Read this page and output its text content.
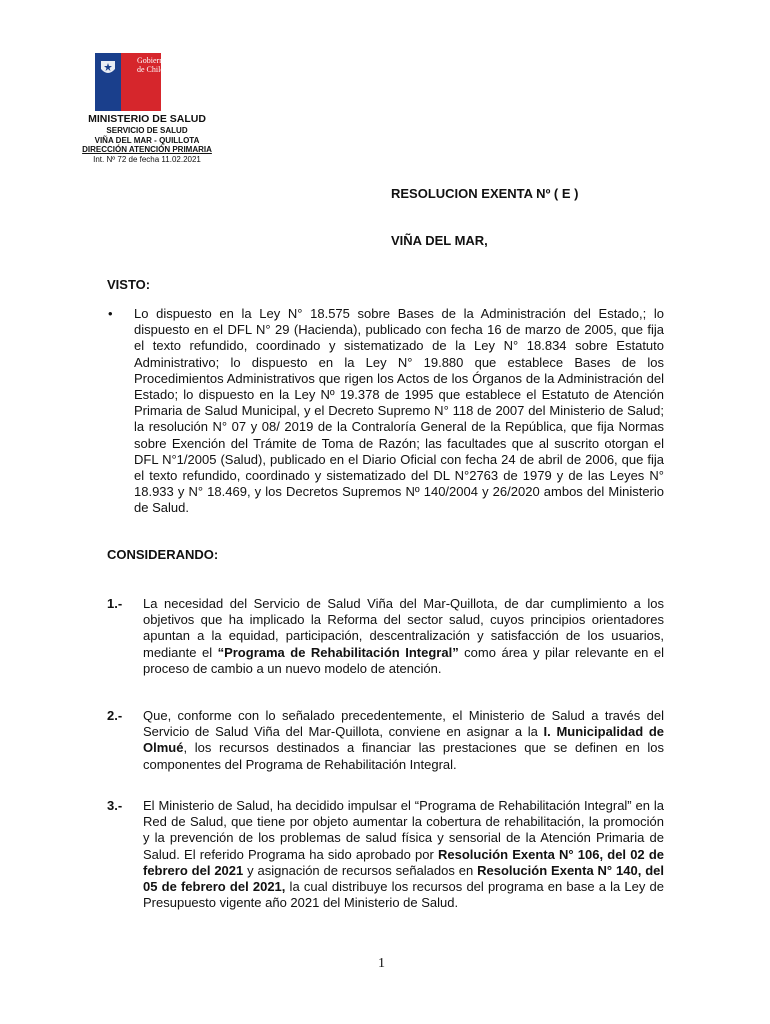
Gobierno
de Chile
MINISTERIO DE SALUD
SERVICIO DE SALUD
VIÑA DEL MAR - QUILLOTA
DIRECCIÓN ATENCIÓN PRIMARIA
Int. Nº 72 de fecha 11.02.2021
RESOLUCION EXENTA Nº ( E )
VIÑA DEL MAR,
VISTO:
• Lo dispuesto en la Ley N° 18.575 sobre Bases de la Administración del Estado,; lo dispuesto en el DFL N° 29 (Hacienda), publicado con fecha 16 de marzo de 2005, que fija el texto refundido, coordinado y sistematizado de la Ley N° 18.834 sobre Estatuto Administrativo; lo dispuesto en la Ley N° 19.880 que establece Bases de los Procedimientos Administrativos que rigen los Actos de los Órganos de la Administración del Estado; lo dispuesto en la Ley Nº 19.378 de 1995 que establece el Estatuto de Atención Primaria de Salud Municipal, y el Decreto Supremo N° 118 de 2007 del Ministerio de Salud; la resolución N° 07 y 08/ 2019 de la Contraloría General de la República, que fija Normas sobre Exención del Trámite de Toma de Razón; las facultades que al suscrito otorgan el DFL N°1/2005 (Salud), publicado en el Diario Oficial con fecha 24 de abril de 2006, que fija el texto refundido, coordinado y sistematizado del DL N°2763 de 1979 y de las Leyes N° 18.933 y N° 18.469, y los Decretos Supremos Nº 140/2004 y 26/2020 ambos del Ministerio de Salud.
CONSIDERANDO:
1.- La necesidad del Servicio de Salud Viña del Mar-Quillota, de dar cumplimiento a los objetivos que ha implicado la Reforma del sector salud, cuyos principios orientadores apuntan a la equidad, participación, descentralización y satisfacción de los usuarios, mediante el “Programa de Rehabilitación Integral” como área y pilar relevante en el proceso de cambio a un nuevo modelo de atención.
2.- Que, conforme con lo señalado precedentemente, el Ministerio de Salud a través del Servicio de Salud Viña del Mar-Quillota, conviene en asignar a la I. Municipalidad de Olmué, los recursos destinados a financiar las prestaciones que se definen en los componentes del Programa de Rehabilitación Integral.
3.- El Ministerio de Salud, ha decidido impulsar el “Programa de Rehabilitación Integral” en la Red de Salud, que tiene por objeto aumentar la cobertura de rehabilitación, la promoción y la prevención de los problemas de salud física y sensorial de la Atención Primaria de Salud. El referido Programa ha sido aprobado por Resolución Exenta N° 106, del 02 de febrero del 2021 y asignación de recursos señalados en Resolución Exenta N° 140, del 05 de febrero del 2021, la cual distribuye los recursos del programa en base a la Ley de Presupuesto vigente año 2021 del Ministerio de Salud.
1
